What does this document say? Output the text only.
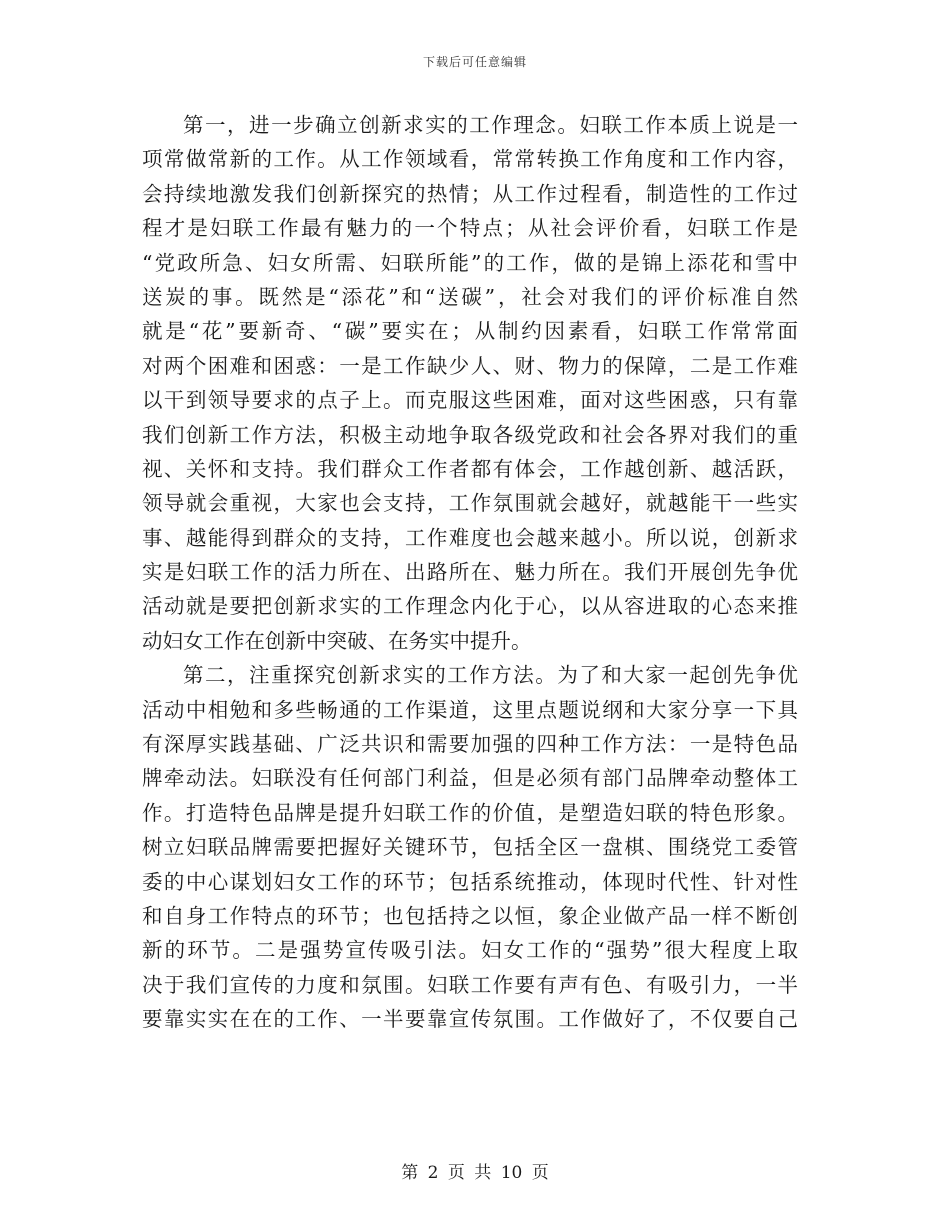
下载后可任意编辑
第一，进一步确立创新求实的工作理念。妇联工作本质上说是一
项常做常新的工作。从工作领域看，常常转换工作角度和工作内容，
会持续地激发我们创新探究的热情；从工作过程看，制造性的工作过
程才是妇联工作最有魅力的一个特点；从社会评价看，妇联工作是
“党政所急、妇女所需、妇联所能”的工作，做的是锦上添花和雪中
送炭的事。既然是“添花”和“送碳”，社会对我们的评价标准自然
就是“花”要新奇、“碳”要实在；从制约因素看，妇联工作常常面
对两个困难和困惑：一是工作缺少人、财、物力的保障，二是工作难
以干到领导要求的点子上。而克服这些困难，面对这些困惑，只有靠
我们创新工作方法，积极主动地争取各级党政和社会各界对我们的重
视、关怀和支持。我们群众工作者都有体会，工作越创新、越活跃，
领导就会重视，大家也会支持，工作氛围就会越好，就越能干一些实
事、越能得到群众的支持，工作难度也会越来越小。所以说，创新求
实是妇联工作的活力所在、出路所在、魅力所在。我们开展创先争优
活动就是要把创新求实的工作理念内化于心，以从容进取的心态来推
动妇女工作在创新中突破、在务实中提升。
第二，注重探究创新求实的工作方法。为了和大家一起创先争优
活动中相勉和多些畅通的工作渠道，这里点题说纲和大家分享一下具
有深厚实践基础、广泛共识和需要加强的四种工作方法：一是特色品
牌牵动法。妇联没有任何部门利益，但是必须有部门品牌牵动整体工
作。打造特色品牌是提升妇联工作的价值，是塑造妇联的特色形象。
树立妇联品牌需要把握好关键环节，包括全区一盘棋、围绕党工委管
委的中心谋划妇女工作的环节；包括系统推动，体现时代性、针对性
和自身工作特点的环节；也包括持之以恒，象企业做产品一样不断创
新的环节。二是强势宣传吸引法。妇女工作的“强势”很大程度上取
决于我们宣传的力度和氛围。妇联工作要有声有色、有吸引力，一半
要靠实实在在的工作、一半要靠宣传氛围。工作做好了，不仅要自己
第 2 页 共 10 页
